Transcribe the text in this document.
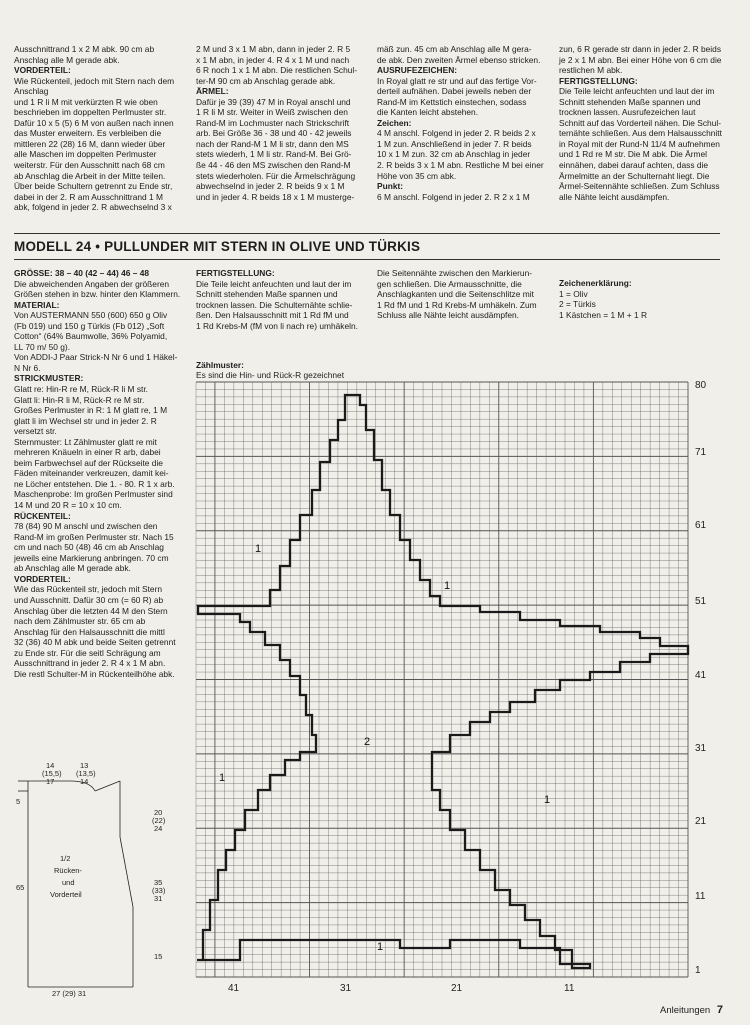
Ausschnittrand 1 x 2 M abk. 90 cm ab

Anschlag alle M gerade abk.

VORDERTEIL:

Wie Rückenteil, jedoch mit Stern nach dem Anschlag

und 1 R li M mit verkürzten R wie oben

beschrieben im doppelten Perlmuster str.

Dafür 10 x 5 (5) 6 M von außen nach innen

das Muster erweitern. Es verbleiben die

mittleren 22 (28) 16 M, dann wieder über

alle Maschen im doppelten Perlmuster

weiterstr. Für den Ausschnitt nach 68 cm

ab Anschlag die Arbeit in der Mitte teilen.

Über beide Schultern getrennt zu Ende str,

dabei in der 2. R am Ausschnittrand 1 M

abk, folgend in jeder 2. R abwechselnd 3 x

2 M und 3 x 1 M abn, dann in jeder 2. R 5

x 1 M abn, in jeder 4. R 4 x 1 M und nach

6 R noch 1 x 1 M abn. Die restlichen Schul-

ter-M 90 cm ab Anschlag gerade abk.

ÄRMEL:

Dafür je 39 (39) 47 M in Royal anschl und

1 R li M str. Weiter in Weiß zwischen den

Rand-M im Lochmuster nach Strickschrift

arb. Bei Größe 36 - 38 und 40 - 42 jeweils

nach der Rand-M 1 M li str, dann den MS

stets wiederh, 1 M li str. Rand-M. Bei Grö-

ße 44 - 46 den MS zwischen den Rand-M

stets wiederholen. Für die Ärmelschrägung

abwechselnd in jeder 2. R beids 9 x 1 M

und in jeder 4. R beids 18 x 1 M musterge-

mäß zun. 45 cm ab Anschlag alle M gera-

de abk. Den zweiten Ärmel ebenso stricken.

AUSRUFEZEICHEN:

In Royal glatt re str und auf das fertige Vor-

derteil aufnähen. Dabei jeweils neben der

Rand-M im Kettstich einstechen, sodass

die Kanten leicht abstehen.

Zeichen:

4 M anschl. Folgend in jeder 2. R beids 2 x

1 M zun. Anschließend in jeder 7. R beids

10 x 1 M zun. 32 cm ab Anschlag in jeder

2. R beids 3 x 1 M abn. Restliche M bei einer

Höhe von 35 cm abk.

Punkt:

6 M anschl. Folgend in jeder 2. R 2 x 1 M

zun, 6 R gerade str dann in jeder 2. R beids

je 2 x 1 M abn. Bei einer Höhe von 6 cm die

restlichen M abk.

FERTIGSTELLUNG:

Die Teile leicht anfeuchten und laut der im

Schnitt stehenden Maße spannen und

trocknen lassen. Ausrufezeichen laut

Schnitt auf das Vorderteil nähen. Die Schul-

ternähte schließen. Aus dem Halsausschnitt

in Royal mit der Rund-N 11/4 M aufnehmen

und 1 Rd re M str. Die M abk. Die Ärmel

einnähen, dabei darauf achten, dass die

Ärmelmitte an der Schulternaht liegt. Die

Ärmel-Seitennähte schließen. Zum Schluss

alle Nähte leicht ausdämpfen.

MODELL 24 • PULLUNDER MIT STERN IN OLIVE UND TÜRKIS

GRÖSSE: 38 – 40 (42 – 44) 46 – 48

Die abweichenden Angaben der größeren

Größen stehen in bzw. hinter den Klammern.

MATERIAL:

Von AUSTERMANN 550 (600) 650 g Oliv

(Fb 019) und 150 g Türkis (Fb 012) „Soft

Cotton“ (64% Baumwolle, 36% Polyamid,

LL 70 m/ 50 g).

Von ADDI-J Paar Strick-N Nr 6 und 1 Häkel-

N Nr 6.

STRICKMUSTER:

Glatt re: Hin-R re M, Rück-R li M str.

Glatt li: Hin-R li M, Rück-R re M str.

Großes Perlmuster in R: 1 M glatt re, 1 M

glatt li im Wechsel str und in jeder 2. R

versetzt str.

Sternmuster: Lt Zählmuster glatt re mit

mehreren Knäueln in einer R arb, dabei

beim Farbwechsel auf der Rückseite die

Fäden miteinander verkreuzen, damit kei-

ne Löcher entstehen. Die 1. - 80. R 1 x arb.

Maschenprobe: Im großen Perlmuster sind

14 M und 20 R = 10 x 10 cm.

RÜCKENTEIL:

78 (84) 90 M anschl und zwischen den

Rand-M im großen Perlmuster str. Nach 15

cm und nach 50 (48) 46 cm ab Anschlag

jeweils eine Markierung anbringen. 70 cm

ab Anschlag alle M gerade abk.

VORDERTEIL:

Wie das Rückenteil str, jedoch mit Stern

und Ausschnitt. Dafür 30 cm (= 60 R) ab

Anschlag über die letzten 44 M den Stern

nach dem Zählmuster str. 65 cm ab

Anschlag für den Halsausschnitt die mittl

32 (36) 40 M abk und beide Seiten getrennt

zu Ende str. Für die seitl Schrägung am

Ausschnittrand in jeder 2. R 4 x 1 M abn.

Die restl Schulter-M in Rückenteilhöhe abk.

FERTIGSTELLUNG:

Die Teile leicht anfeuchten und laut der im

Schnitt stehenden Maße spannen und

trocknen lassen. Die Schulternähte schlie-

ßen. Den Halsausschnitt mit 1 Rd fM und

1 Rd Krebs-M (fM von li nach re) umhäkeln.

Die Seitennähte zwischen den Markierun-

gen schließen. Die Armausschnitte, die

Anschlagkanten und die Seitenschlitze mit

1 Rd fM und 1 Rd Krebs-M umhäkeln. Zum

Schluss alle Nähte leicht ausdämpfen.

Zeichenerklärung:

1 = Oliv

2 = Türkis

1 Kästchen = 1 M + 1 R

Zählmuster:
Es sind die Hin- und Rück-R gezeichnet
80
71
61
51
41
31
21
11
1
41	31	21	11
1
1
2
1
1
1
14
(15,5)
17
13
(13,5)
14
5
20
(22)
24
65
35
(33)
31
15
27 (29) 31
1/2
Rücken-
und
Vorderteil
Anleitungen 7
